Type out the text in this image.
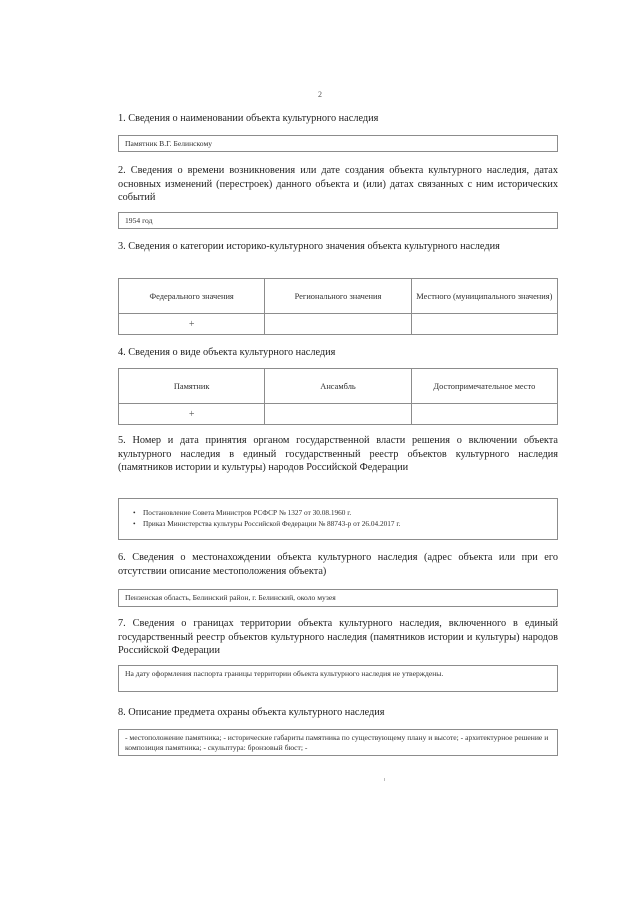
2
1. Сведения о наименовании объекта культурного наследия
Памятник В.Г. Белинскому
2. Сведения о времени возникновения или дате создания объекта культурного наследия, датах основных изменений (перестроек) данного объекта и (или) датах связанных с ним исторических событий
1954 год
3. Сведения о категории историко-культурного значения объекта культурного наследия
Федерального значения	Регионального значения	Местного (муниципального значения)
+		
4. Сведения о виде объекта культурного наследия
Памятник	Ансамбль	Достопримечательное место
+		
5. Номер и дата принятия органом государственной власти решения о включении объекта культурного наследия в единый государственный реестр объектов культурного наследия (памятников истории и культуры) народов Российской Федерации
• Постановление Совета Министров РСФСР № 1327 от 30.08.1960 г.
• Приказ Министерства культуры Российской Федерации № 88743-р от 26.04.2017 г.
6. Сведения о местонахождении объекта культурного наследия (адрес объекта или при его отсутствии описание местоположения объекта)
Пензенская область, Белинский район, г. Белинский, около музея
7. Сведения о границах территории объекта культурного наследия, включенного в единый государственный реестр объектов культурного наследия (памятников истории и культуры) народов Российской Федерации
На дату оформления паспорта границы территории объекта культурного наследия не утверждены.
8. Описание предмета охраны объекта культурного наследия
- местоположение памятника; - исторические габариты памятника по существующему плану и высоте; - архитектурное решение и композиция памятника; - скульптура: бронзовый бюст; -
